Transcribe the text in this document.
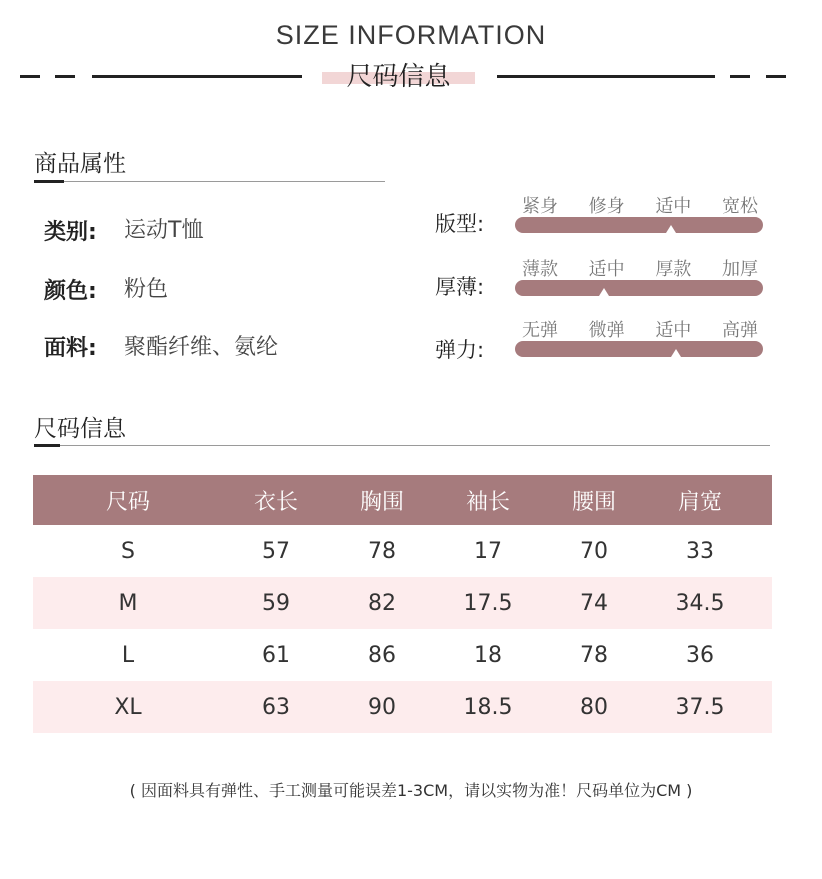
SIZE INFORMATION
尺码信息
商品属性
类别: 运动T恤
颜色: 粉色
面料: 聚酯纤维、氨纶
版型:
紧身	修身	适中	宽松
厚薄:
薄款	适中	厚款	加厚
弹力:
无弹	微弹	适中	高弹
尺码信息
尺码	衣长	胸围	袖长	腰围	肩宽
S	57	78	17	70	33
M	59	82	17.5	74	34.5
L	61	86	18	78	36
XL	63	90	18.5	80	37.5
( 因面料具有弹性、手工测量可能误差1-3CM，请以实物为准！尺码单位为CM )
